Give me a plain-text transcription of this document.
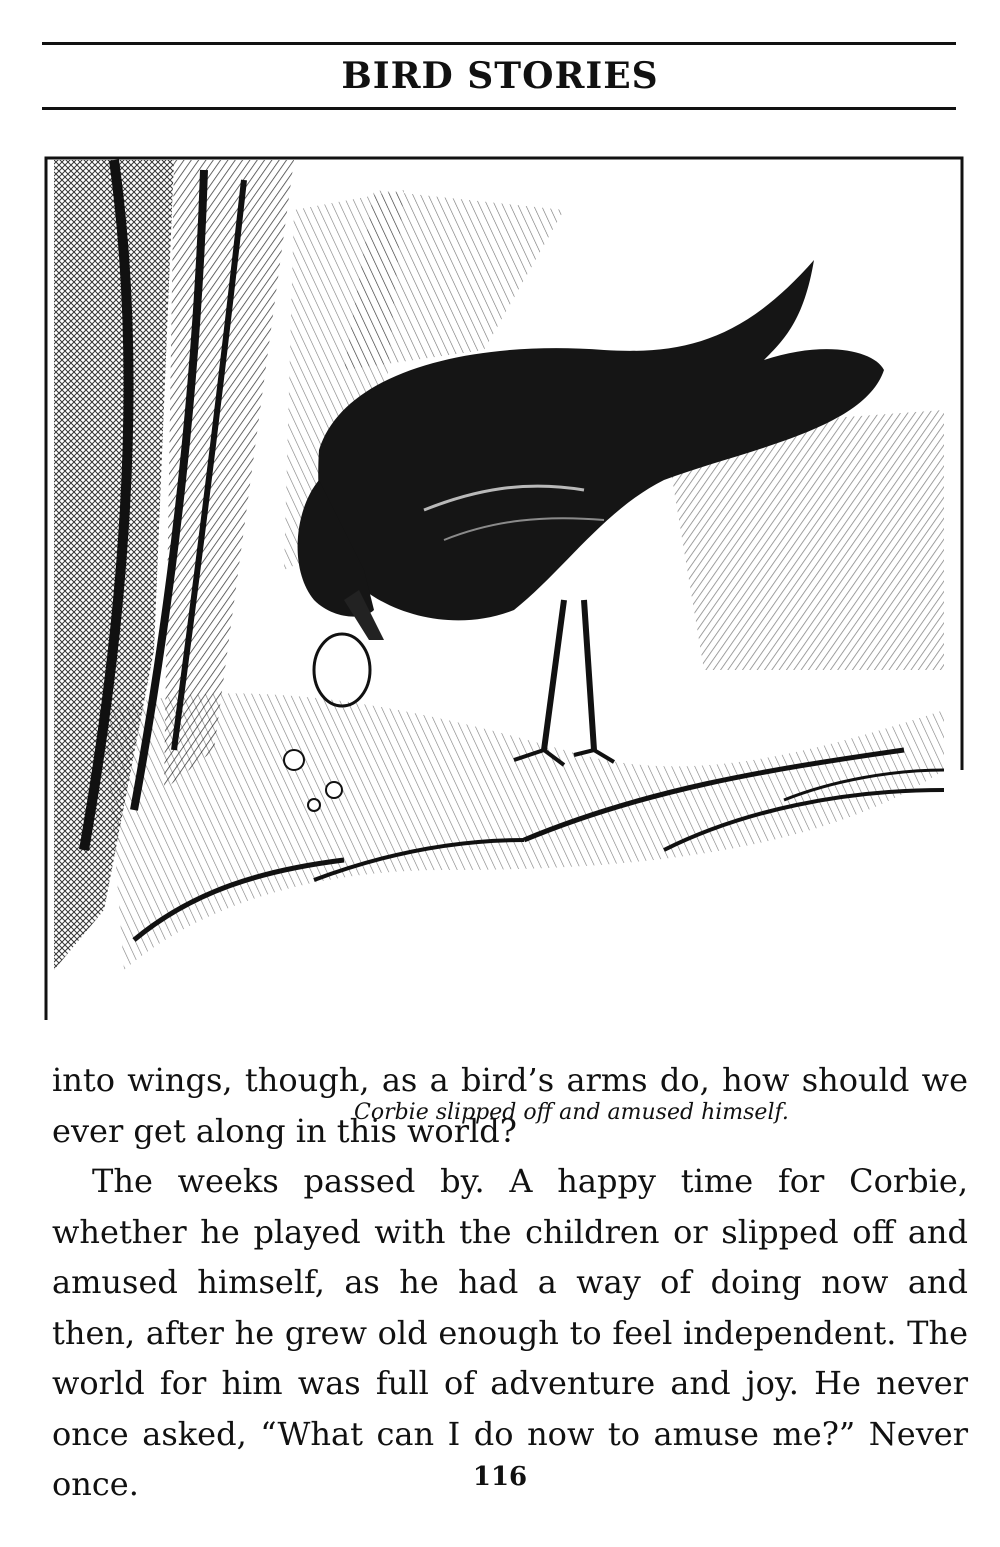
BIRD STORIES
Corbie slipped off and amused himself.

into wings, though, as a bird’s arms do, how should we ever get along in this world?

The weeks passed by. A happy time for Corbie, whether he played with the children or slipped off and amused himself, as he had a way of doing now and then, after he grew old enough to feel independent. The world for him was full of adventure and joy. He never once asked, “What can I do now to amuse me?” Never once.	116
